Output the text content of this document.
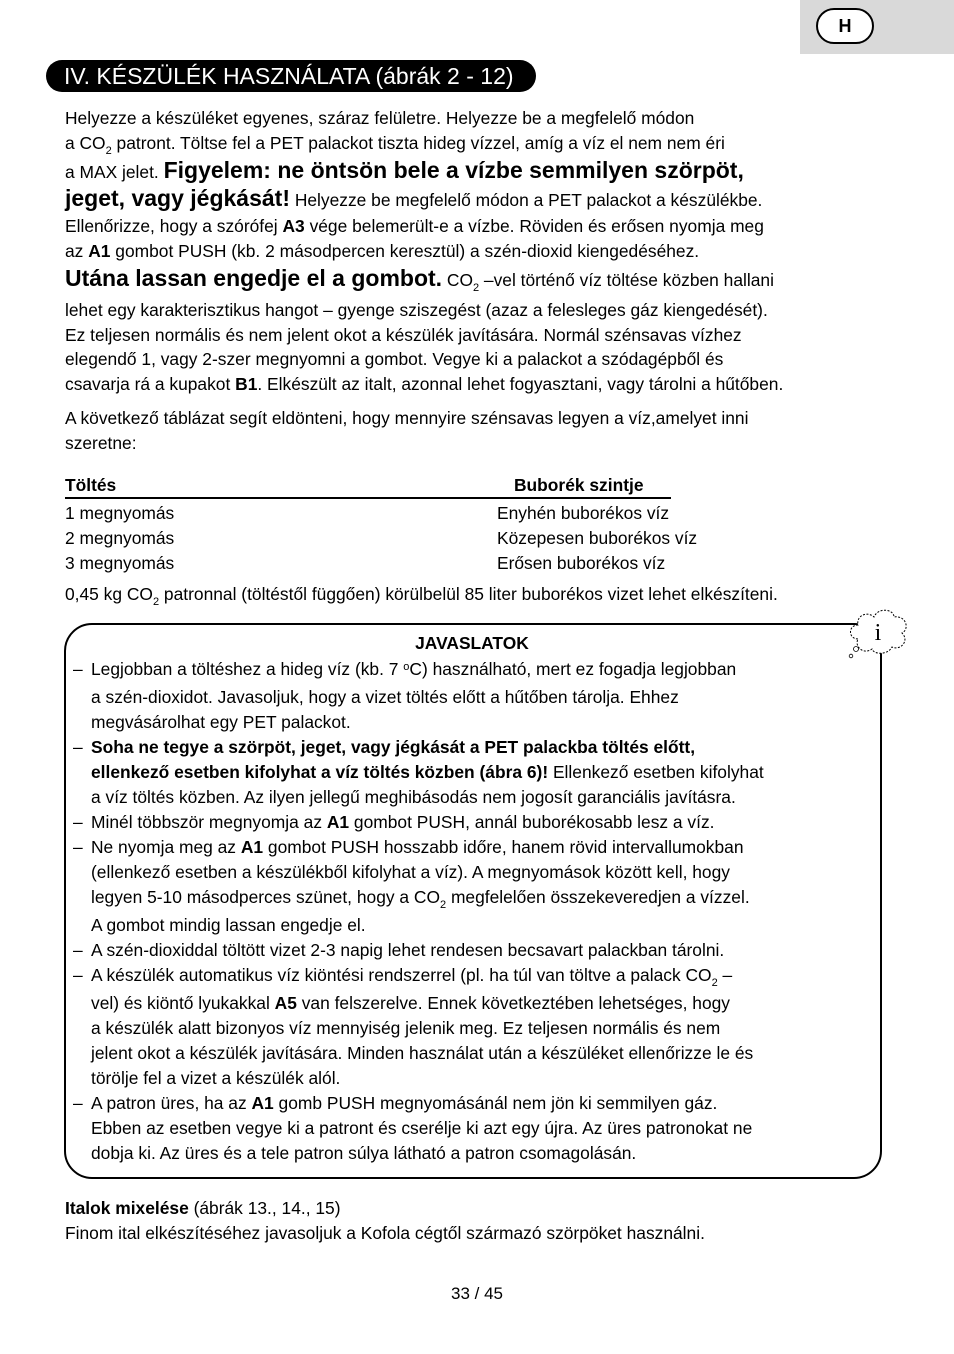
H
IV. KÉSZÜLÉK HASZNÁLATA (ábrák 2 - 12)

Helyezze a készüléket egyenes, száraz felületre. Helyezze be a megfelelő módon

a $CO_2$ patront. Töltse fel a PET palackot tiszta hideg vízzel, amíg a víz el nem nem éri

a MAX jelet. Figyelem: ne öntsön bele a vízbe semmilyen szörpöt,

jeget, vagy jégkását! Helyezze be megfelelő módon a PET palackot a készülékbe.

Ellenőrizze, hogy a szórófej A3 vége belemerült-e a vízbe. Röviden és erősen nyomja meg

az A1 gombot PUSH (kb. 2 másodpercen keresztül) a szén-dioxid kiengedéséhez.

Utána lassan engedje el a gombot. $CO_2$ –vel történő víz töltése közben hallani

lehet egy karakterisztikus hangot – gyenge sziszegést (azaz a felesleges gáz kiengedését).

Ez teljesen normális és nem jelent okot a készülék javítására. Normál szénsavas vízhez

elegendő 1, vagy 2-szer megnyomni a gombot. Vegye ki a palackot a szódagépből és

csavarja rá a kupakot B1. Elkészült az italt, azonnal lehet fogyasztani, vagy tárolni a hűtőben.

A következő táblázat segít eldönteni, hogy mennyire szénsavas legyen a víz,amelyet inni

szeretne:

Töltés	Buborék szintje
1 megnyomás	Enyhén buborékos víz
2 megnyomás	Közepesen buborékos víz
3 megnyomás	Erősen buborékos víz

0,45 kg $CO_2$ patronnal (töltéstől függően) körülbelül 85 liter buborékos vizet lehet elkészíteni.

JAVASLATOK
– Legjobban a töltéshez a hideg víz (kb. 7 $^o$C) használható, mert ez fogadja legjobban
a szén-dioxidot. Javasoljuk, hogy a vizet töltés előtt a hűtőben tárolja. Ehhez
megvásárolhat egy PET palackot.
– Soha ne tegye a szörpöt, jeget, vagy jégkását a PET palackba töltés előtt,
ellenkező esetben kifolyhat a víz töltés közben (ábra 6)! Ellenkező esetben kifolyhat
a víz töltés közben. Az ilyen jellegű meghibásodás nem jogosít garanciális javításra.
– Minél többször megnyomja az A1 gombot PUSH, annál buborékosabb lesz a víz.
– Ne nyomja meg az A1 gombot PUSH hosszabb időre, hanem rövid intervallumokban
(ellenkező esetben a készülékből kifolyhat a víz). A megnyomások között kell, hogy
legyen 5-10 másodperces szünet, hogy a $CO_2$ megfelelően összekeveredjen a vízzel.
A gombot mindig lassan engedje el.
– A szén-dioxiddal töltött vizet 2-3 napig lehet rendesen becsavart palackban tárolni.
– A készülék automatikus víz kiöntési rendszerrel (pl. ha túl van töltve a palack $CO_2$ –
vel) és kiöntő lyukakkal A5 van felszerelve. Ennek következtében lehetséges, hogy
a készülék alatt bizonyos víz mennyiség jelenik meg. Ez teljesen normális és nem
jelent okot a készülék javítására. Minden használat után a készüléket ellenőrizze le és
törölje fel a vizet a készülék alól.
– A patron üres, ha az A1 gomb PUSH megnyomásánál nem jön ki semmilyen gáz.
Ebben az esetben vegye ki a patront és cserélje ki azt egy újra. Az üres patronokat ne
dobja ki. Az üres és a tele patron súlya látható a patron csomagolásán.
i
Italok mixelése (ábrák 13., 14., 15)
Finom ital elkészítéséhez javasoljuk a Kofola cégtől származó szörpöket használni.
33 / 45
